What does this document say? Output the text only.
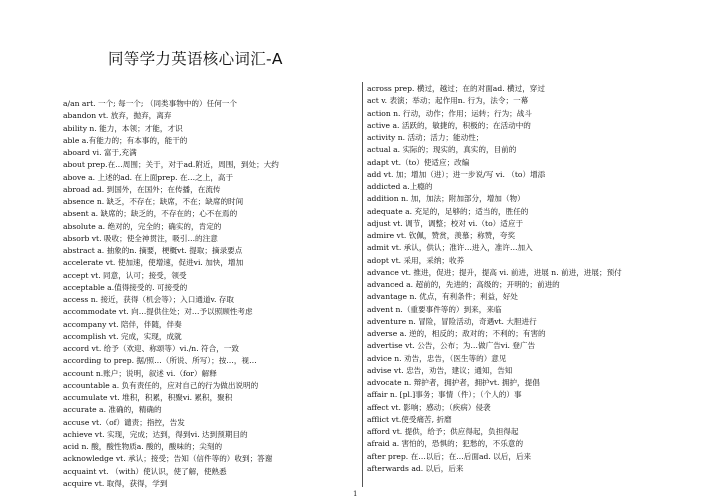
同等学力英语核心词汇-A
a/an art. 一个; 每一个; （同类事物中的）任何一个
abandon vt. 放弃，抛弃，离弃
ability n. 能力，本领；才能，才识
able a.有能力的；有本事的，能干的
aboard vi. 富于,充满
about prep.在…周围；关于，对于ad.附近，周围，到处；大约
above a. 上述的ad. 在上面prep. 在…之上，高于
abroad ad. 到国外，在国外；在传播，在流传
absence n. 缺乏，不存在；缺席，不在；缺席的时间
absent a. 缺席的；缺乏的，不存在的；心不在焉的
absolute a. 绝对的，完全的；确实的，肯定的
absorb vt. 吸收；使全神贯注，吸引…的注意
abstract a. 抽象的n. 摘要，梗概vt. 提取；摘录要点
accelerate vt. 使加速，使增速，促进vi. 加快，增加
accept vt. 同意，认可；接受，领受
acceptable a.值得接受的. 可接受的
access n. 接近，获得（机会等）；入口通道v. 存取
accommodate vt. 向…提供住处；对…予以照顾性考虑
accompany vt. 陪伴，伴随，伴奏
accomplish vt. 完成，实现，成就
accord vt. 给予（欢迎、称颂等）vi./n. 符合，一致
according to prep. 据/照…（所说、所写）；按…，视…
account n.账户；说明，叙述 vi.（for）解释
accountable a. 负有责任的，应对自己的行为做出说明的
accumulate vt. 堆积，积累，积聚vi. 累积，聚积
accurate a. 准确的，精确的
accuse vt.（of）谴责；指控，告发
achieve vt. 实现，完成；达到，得到vi. 达到预期目的
acid n. 酸，酸性物质a. 酸的，酸味的；尖刻的
acknowledge vt. 承认；接受；告知（信件等的）收到；答谢
acquaint vt. （with）使认识，使了解，使熟悉
acquire vt. 取得，获得，学到
across prep. 横过，越过；在的对面ad. 横过，穿过
act v. 表演；举动；起作用n. 行为，法令；一幕
action n. 行动，动作；作用；运转；行为；战斗
active a. 活跃的，敏捷的，积极的；在活动中的
activity n. 活动；活力；能动性；
actual a. 实际的；现实的，真实的，目前的
adapt vt.（to）使适应；改编
add vt. 加；增加（进）；进一步说/写 vi. （to）增添
addicted a.上瘾的
addition n. 加，加法；附加部分，增加（物）
adequate a. 充足的，足够的；适当的，胜任的
adjust vt. 调节，调整；校对 vi.（to）适应于
admire vt. 钦佩，赞赏，羡慕；称赞，夸奖
admit vt. 承认，供认；准许…进入，准许…加入
adopt vt. 采用，采纳；收养
advance vt. 推进，促进；提升，提高 vi. 前进，进展 n. 前进，进展；预付
advanced a. 超前的，先进的；高级的；开明的；前进的
advantage n. 优点，有利条件；利益，好处
advent n.（重要事件等的）到来，来临
adventure n. 冒险，冒险活动，奇遇vt. 大胆进行
adverse a. 逆的，相反的；敌对的；不利的；有害的
advertise vt. 公告，公布；为…做广告vi. 登广告
advice n. 劝告，忠告，（医生等的）意见
advise vt. 忠告，劝告，建议；通知，告知
advocate n. 辩护者，拥护者，拥护vt. 拥护，提倡
affair n. [pl.]事务；事情（件）；（个人的）事
affect vt. 影响；感动；（疾病）侵袭
afflict vt.使受痛苦, 折磨
afford vt. 提供，给予；供应得起，负担得起
afraid a. 害怕的，恐惧的；犯愁的，不乐意的
after prep. 在…以后；在…后面ad. 以后，后来
afterwards ad. 以后，后来
1
